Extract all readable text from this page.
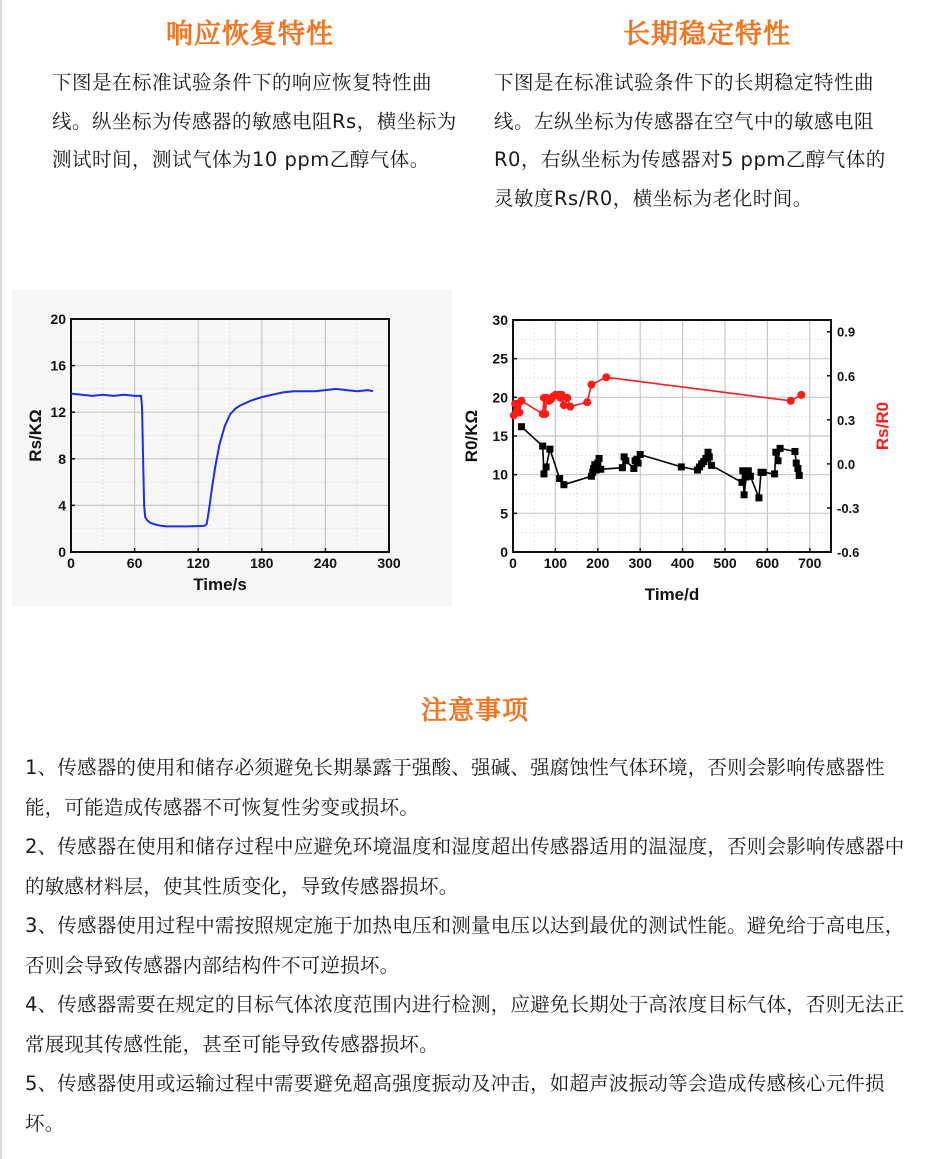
响应恢复特性
下图是在标准试验条件下的响应恢复特性曲线。纵坐标为传感器的敏感电阻Rs，横坐标为测试时间，测试气体为10 ppm乙醇气体。
长期稳定特性
下图是在标准试验条件下的长期稳定特性曲线。左纵坐标为传感器在空气中的敏感电阻R0，右纵坐标为传感器对5 ppm乙醇气体的灵敏度Rs/R0，横坐标为老化时间。
0	60	120	180	240	300
0
4
8
12
16
20
Time/s
Rs/KΩ
0 100 200 300 400 500 600 700
0
5
10
15
20
25
30
-0.6
-0.3
0.0
0.3
0.6
0.9
Time/d
R0/KΩ	Rs/R0
注意事项
1、传感器的使用和储存必须避免长期暴露于强酸、强碱、强腐蚀性气体环境，否则会影响传感器性能，可能造成传感器不可恢复性劣变或损坏。
2、传感器在使用和储存过程中应避免环境温度和湿度超出传感器适用的温湿度，否则会影响传感器中的敏感材料层，使其性质变化，导致传感器损坏。
3、传感器使用过程中需按照规定施于加热电压和测量电压以达到最优的测试性能。避免给于高电压，否则会导致传感器内部结构件不可逆损坏。
4、传感器需要在规定的目标气体浓度范围内进行检测，应避免长期处于高浓度目标气体，否则无法正常展现其传感性能，甚至可能导致传感器损坏。
5、传感器使用或运输过程中需要避免超高强度振动及冲击，如超声波振动等会造成传感核心元件损坏。
